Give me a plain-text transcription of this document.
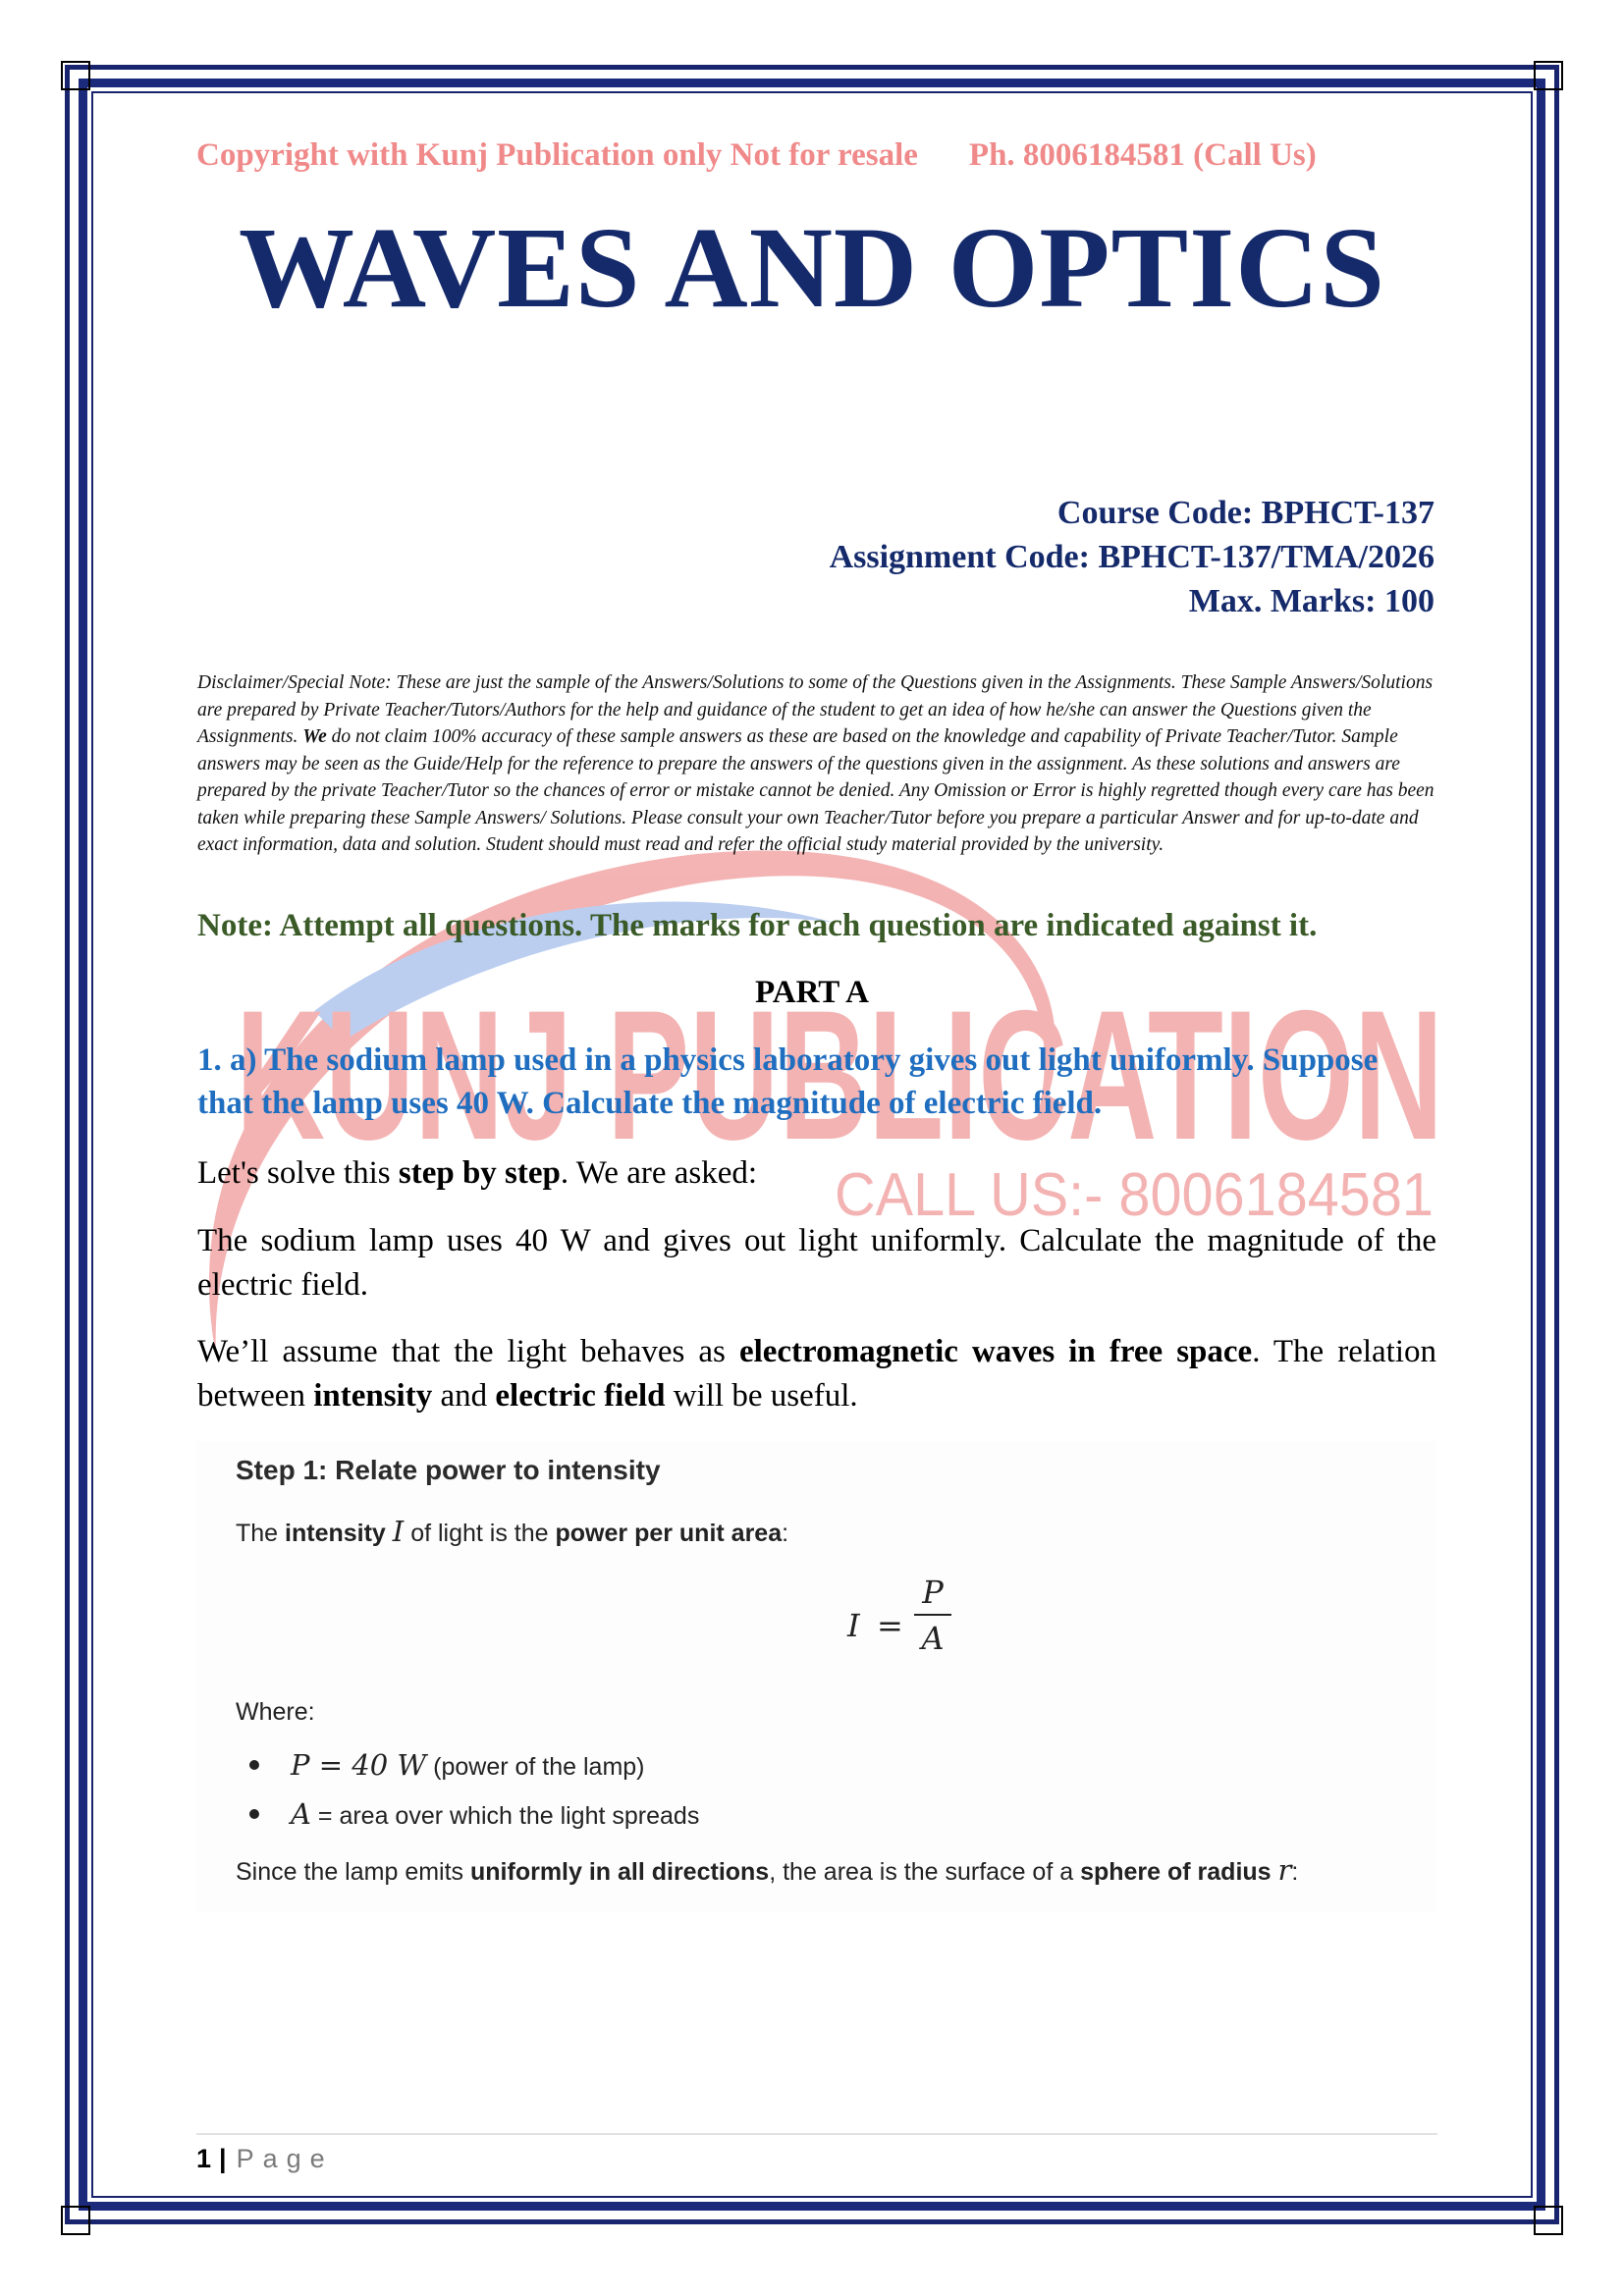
KUNJ PUBLICATION
CALL US:- 8006184581
Copyright with Kunj Publication only Not for resale Ph. 8006184581 (Call Us)
WAVES AND OPTICS
Course Code: BPHCT-137
Assignment Code: BPHCT-137/TMA/2026
Max. Marks: 100
Disclaimer/Special Note: These are just the sample of the Answers/Solutions to some of the Questions given in the Assignments. These Sample Answers/Solutions are prepared by Private Teacher/Tutors/Authors for the help and guidance of the student to get an idea of how he/she can answer the Questions given the Assignments. We do not claim 100% accuracy of these sample answers as these are based on the knowledge and capability of Private Teacher/Tutor. Sample answers may be seen as the Guide/Help for the reference to prepare the answers of the questions given in the assignment. As these solutions and answers are prepared by the private Teacher/Tutor so the chances of error or mistake cannot be denied. Any Omission or Error is highly regretted though every care has been taken while preparing these Sample Answers/ Solutions. Please consult your own Teacher/Tutor before you prepare a particular Answer and for up-to-date and exact information, data and solution. Student should must read and refer the official study material provided by the university.
Note: Attempt all questions. The marks for each question are indicated against it.
PART A
1. a) The sodium lamp used in a physics laboratory gives out light uniformly. Suppose that the lamp uses 40 W. Calculate the magnitude of electric field.
Let's solve this step by step. We are asked:
The sodium lamp uses 40 W and gives out light uniformly. Calculate the magnitude of the electric field.
We’ll assume that the light behaves as electromagnetic waves in free space. The relation between intensity and electric field will be useful.
Step 1: Relate power to intensity
The intensity I of light is the power per unit area:
I =
P
A
Where:
P = 40 W (power of the lamp)
A = area over which the light spreads
Since the lamp emits uniformly in all directions, the area is the surface of a sphere of radius r:
1 | Page
